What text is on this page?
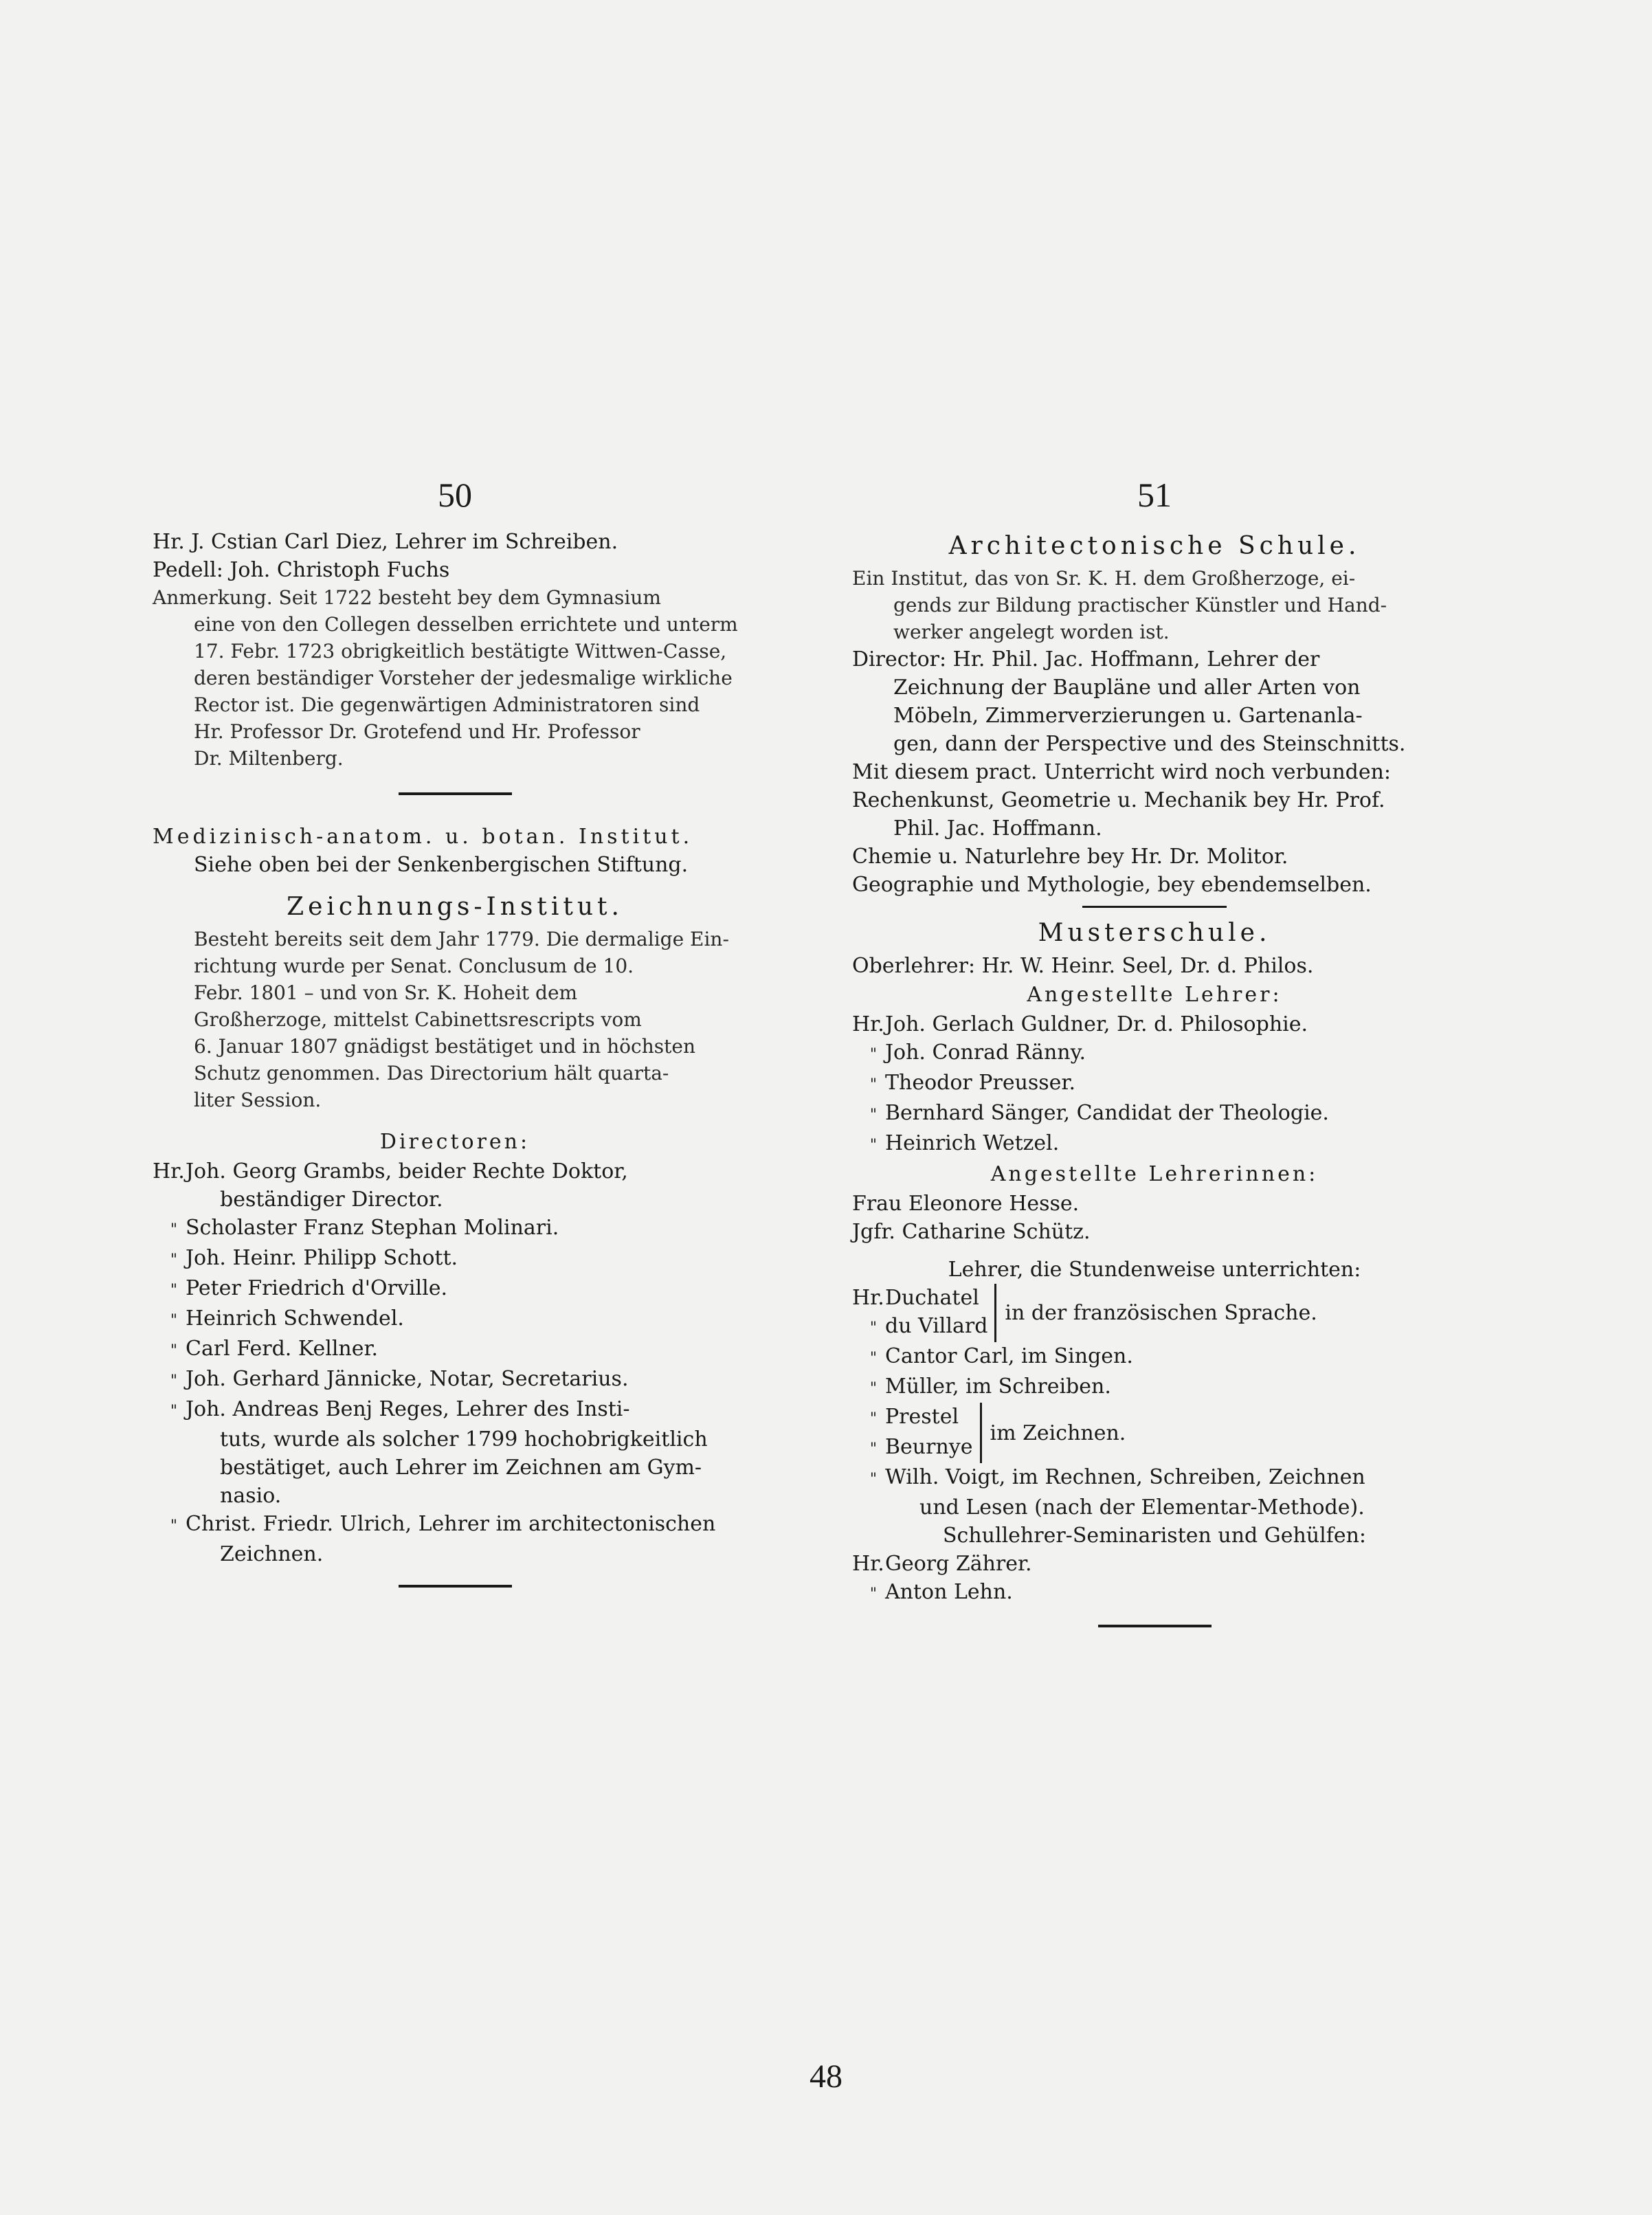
50
Hr. J. Cstian Carl Diez, Lehrer im Schreiben.
Pedell: Joh. Christoph Fuchs
Anmerkung. Seit 1722 besteht bey dem Gymnasium
eine von den Collegen desselben errichtete und unterm
17. Febr. 1723 obrigkeitlich bestätigte Wittwen-Casse,
deren beständiger Vorsteher der jedesmalige wirkliche
Rector ist. Die gegenwärtigen Administratoren sind
Hr. Professor Dr. Grotefend und Hr. Professor
Dr. Miltenberg.
Medizinisch-anatom. u. botan. Institut.
Siehe oben bei der Senkenbergischen Stiftung.
Zeichnungs-Institut.
Besteht bereits seit dem Jahr 1779. Die dermalige Ein-
richtung wurde per Senat. Conclusum de 10.
Febr. 1801 – und von Sr. K. Hoheit dem
Großherzoge, mittelst Cabinettsrescripts vom
6. Januar 1807 gnädigst bestätiget und in höchsten
Schutz genommen. Das Directorium hält quarta-
liter Session.
Directoren:
Hr.Joh. Georg Grambs, beider Rechte Doktor,
beständiger Director.
" Scholaster Franz Stephan Molinari.
" Joh. Heinr. Philipp Schott.
" Peter Friedrich d'Orville.
" Heinrich Schwendel.
" Carl Ferd. Kellner.
" Joh. Gerhard Jännicke, Notar, Secretarius.
" Joh. Andreas Benj Reges, Lehrer des Insti-
tuts, wurde als solcher 1799 hochobrigkeitlich
bestätiget, auch Lehrer im Zeichnen am Gym-
nasio.
" Christ. Friedr. Ulrich, Lehrer im architectonischen
Zeichnen.
51
Architectonische Schule.
Ein Institut, das von Sr. K. H. dem Großherzoge, ei-
gends zur Bildung practischer Künstler und Hand-
werker angelegt worden ist.
Director: Hr. Phil. Jac. Hoffmann, Lehrer der
Zeichnung der Baupläne und aller Arten von
Möbeln, Zimmerverzierungen u. Gartenanla-
gen, dann der Perspective und des Steinschnitts.
Mit diesem pract. Unterricht wird noch verbunden:
Rechenkunst, Geometrie u. Mechanik bey Hr. Prof.
Phil. Jac. Hoffmann.
Chemie u. Naturlehre bey Hr. Dr. Molitor.
Geographie und Mythologie, bey ebendemselben.
Musterschule.
Oberlehrer: Hr. W. Heinr. Seel, Dr. d. Philos.
Angestellte Lehrer:
Hr.Joh. Gerlach Guldner, Dr. d. Philosophie.
" Joh. Conrad Ränny.
" Theodor Preusser.
" Bernhard Sänger, Candidat der Theologie.
" Heinrich Wetzel.
Angestellte Lehrerinnen:
Frau Eleonore Hesse.
Jgfr. Catharine Schütz.
Lehrer, die Stundenweise unterrichten:
Hr.Duchatel
" du Villard
in der französischen Sprache.
" Cantor Carl, im Singen.
" Müller, im Schreiben.
" Prestel
" Beurnye
im Zeichnen.
" Wilh. Voigt, im Rechnen, Schreiben, Zeichnen
und Lesen (nach der Elementar-Methode).
Schullehrer-Seminaristen und Gehülfen:
Hr.Georg Zährer.
" Anton Lehn.
48
